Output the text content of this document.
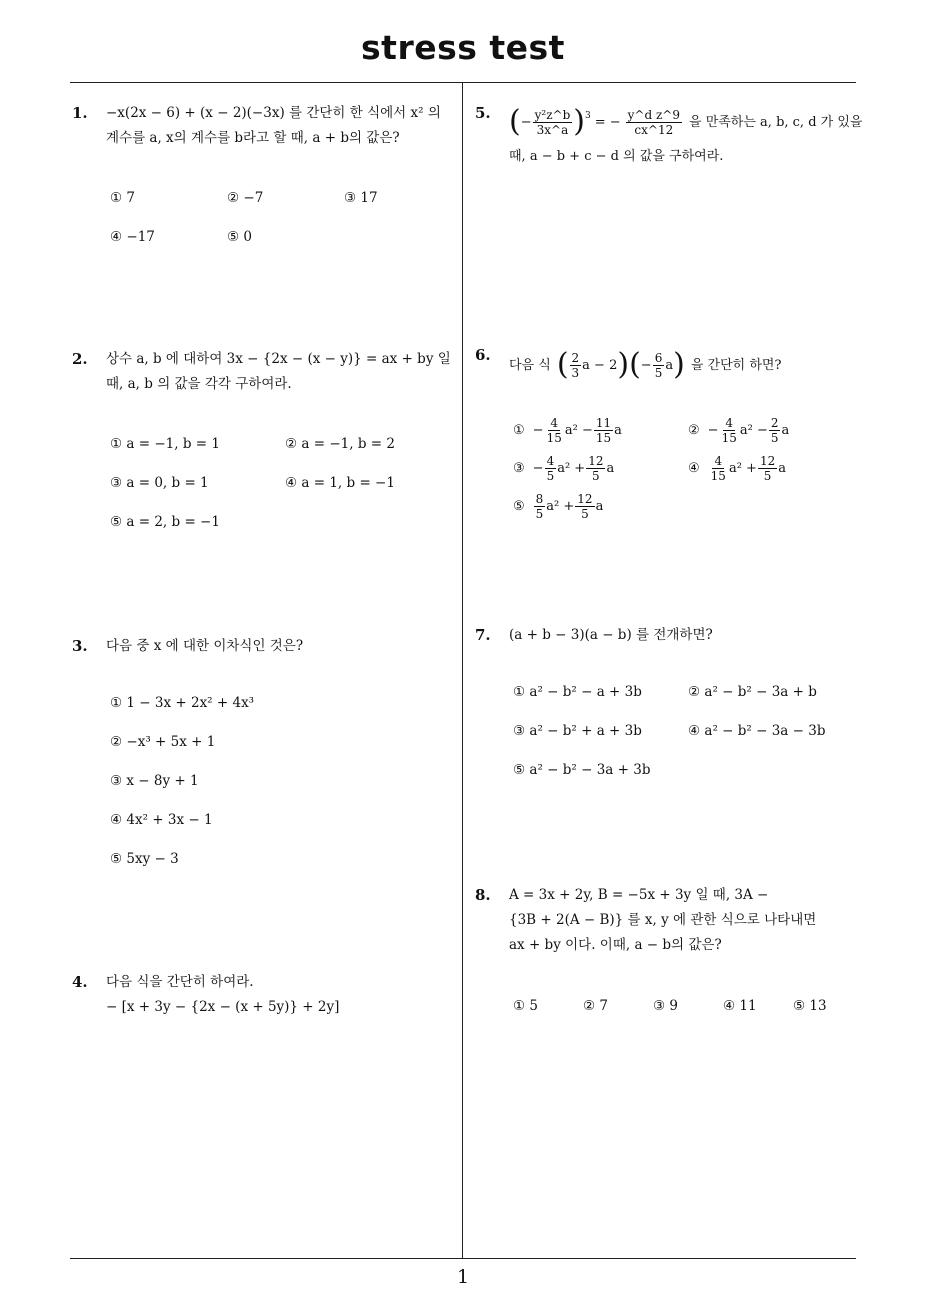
stress test
1
1. −x(2x − 6) + (x − 2)(−3x) 를 간단히 한 식에서 x² 의
계수를 a, x의 계수를 b라고 할 때, a + b의 값은?
① 7	② −7	③ 17
④ −17	⑤ 0
2. 상수 a, b 에 대하여 3x − {2x − (x − y)} = ax + by 일
때, a, b 의 값을 각각 구하여라.
① a = −1, b = 1	② a = −1, b = 2
③ a = 0, b = 1	④ a = 1, b = −1
⑤ a = 2, b = −1
3. 다음 중 x 에 대한 이차식인 것은?
① 1 − 3x + 2x² + 4x³
② −x³ + 5x + 1
③ x − 8y + 1
④ 4x² + 3x − 1
⑤ 5xy − 3
4. 다음 식을 간단히 하여라.
− [x + 3y − {2x − (x + 5y)} + 2y]
5. ( − $\frac{\text{y²z\textasciicircum{}b}}{3x\^{}a} )^3$ = − $\frac{\text{y\textasciicircum{}d z\textasciicircum{}9}}{cx\^{}12}$ 을 만족하는 a, b, c, d 가 있을
때, a − b + c − d 의 값을 구하여라.
6.
다음 식 ( $\frac{2}{3}$ a − 2 ) ( − $\frac{6}{5}$ a ) 을 간단히 하면?
① − $\frac{4}{15} a^2 - \frac{11}{15}$ a	② − $\frac{4}{15} a^2 - \frac{2}{5}$ a
③ − $\frac{4}{5} a^2 + \frac{12}{5}$ a	④ $\frac{4}{15} a^2 + \frac{12}{5}$ a
⑤ $\frac{8}{5} a^2 + \frac{12}{5}$ a
7. (a + b − 3)(a − b) 를 전개하면?
① a² − b² − a + 3b	② a² − b² − 3a + b
③ a² − b² + a + 3b	④ a² − b² − 3a − 3b
⑤ a² − b² − 3a + 3b
8. A = 3x + 2y, B = −5x + 3y 일 때, 3A −
{3B + 2(A − B)} 를 x, y 에 관한 식으로 나타내면
ax + by 이다. 이때, a − b의 값은?
① 5	② 7	③ 9	④ 11	⑤ 13
